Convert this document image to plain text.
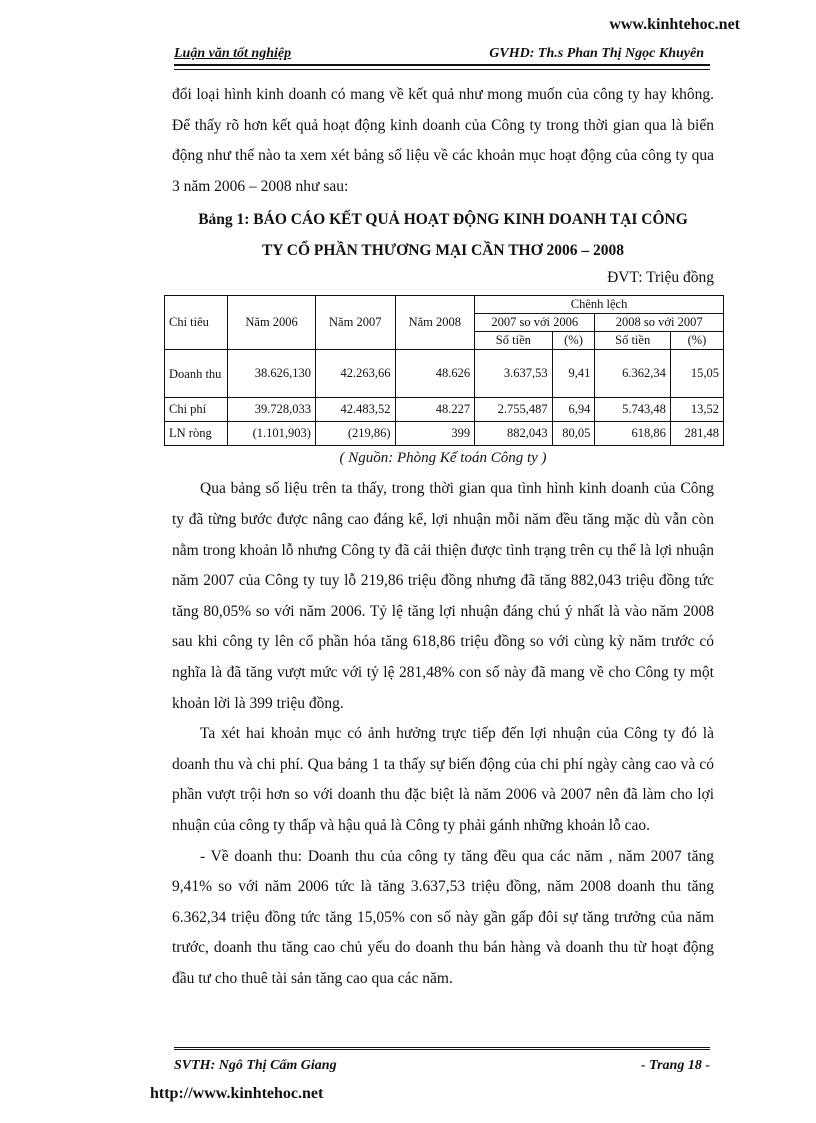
www.kinhtehoc.net
Luận văn tốt nghiệp	GVHD: Th.s Phan Thị Ngọc Khuyên

đổi loại hình kinh doanh có mang về kết quả như mong muốn của công ty hay không. Để thấy rõ hơn kết quả hoạt động kinh doanh của Công ty trong thời gian qua là biến động như thế nào ta xem xét bảng số liệu về các khoản mục hoạt động của công ty qua 3 năm 2006 – 2008 như sau:

Bảng 1: BÁO CÁO KẾT QUẢ HOẠT ĐỘNG KINH DOANH TẠI CÔNG
TY CỔ PHẦN THƯƠNG MẠI CẦN THƠ 2006 – 2008
ĐVT: Triệu đồng
Chỉ tiêu	Năm 2006	Năm 2007	Năm 2008	Chênh lệch			
				2007 so với 2006		2008 so với 2007	
				Số tiền	(%)	Số tiền	(%)
Doanh thu	38.626,130	42.263,66	48.626	3.637,53	9,41	6.362,34	15,05
Chi phí	39.728,033	42.483,52	48.227	2.755,487	6,94	5.743,48	13,52
LN ròng	(1.101,903)	(219,86)	399	882,043	80,05	618,86	281,48
( Nguồn: Phòng Kế toán Công ty )

Qua bảng số liệu trên ta thấy, trong thời gian qua tình hình kinh doanh của Công ty đã từng bước được nâng cao đáng kể, lợi nhuận mỗi năm đều tăng mặc dù vẫn còn nằm trong khoản lỗ nhưng Công ty đã cải thiện được tình trạng trên cụ thể là lợi nhuận năm 2007 của Công ty tuy lỗ 219,86 triệu đồng nhưng đã tăng 882,043 triệu đồng tức tăng 80,05% so với năm 2006. Tỷ lệ tăng lợi nhuận đáng chú ý nhất là vào năm 2008 sau khi công ty lên cổ phần hóa tăng 618,86 triệu đồng so với cùng kỳ năm trước có nghĩa là đã tăng vượt mức với tỷ lệ 281,48% con số này đã mang về cho Công ty một khoản lời là 399 triệu đồng.

Ta xét hai khoản mục có ảnh hưởng trực tiếp đến lợi nhuận của Công ty đó là doanh thu và chi phí. Qua bảng 1 ta thấy sự biến động của chi phí ngày càng cao và có phần vượt trội hơn so với doanh thu đặc biệt là năm 2006 và 2007 nên đã làm cho lợi nhuận của công ty thấp và hậu quả là Công ty phải gánh những khoản lỗ cao.

- Về doanh thu: Doanh thu của công ty tăng đều qua các năm , năm 2007 tăng 9,41% so với năm 2006 tức là tăng 3.637,53 triệu đồng, năm 2008 doanh thu tăng 6.362,34 triệu đồng tức tăng 15,05% con số này gần gấp đôi sự tăng trưởng của năm trước, doanh thu tăng cao chủ yếu do doanh thu bán hàng và doanh thu từ hoạt động đầu tư cho thuê tài sản tăng cao qua các năm.

SVTH: Ngô Thị Cẩm Giang	- Trang 18 -
http://www.kinhtehoc.net
